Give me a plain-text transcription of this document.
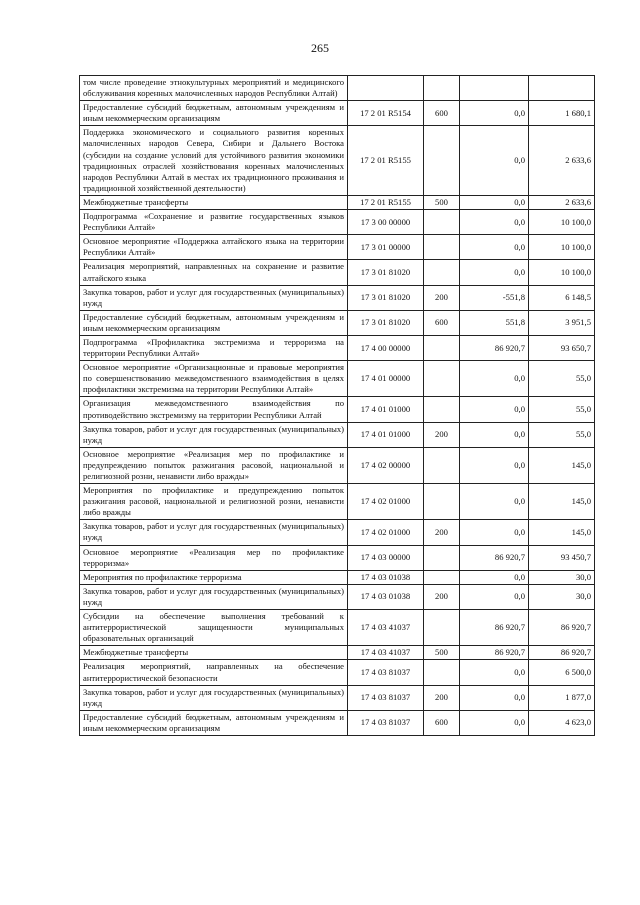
265
том числе проведение этнокультурных мероприятий и медицинского обслуживания коренных малочисленных народов Республики Алтай)				
Предоставление субсидий бюджетным, автономным учреждениям и иным некоммерческим организациям	17 2 01 R5154	600	0,0	1 680,1
Поддержка экономического и социального развития коренных малочисленных народов Севера, Сибири и Дальнего Востока (субсидии на создание условий для устойчивого развития экономики традиционных отраслей хозяйствования коренных малочисленных народов Республики Алтай в местах их традиционного проживания и традиционной хозяйственной деятельности)	17 2 01 R5155		0,0	2 633,6
Межбюджетные трансферты	17 2 01 R5155	500	0,0	2 633,6
Подпрограмма «Сохранение и развитие государственных языков Республики Алтай»	17 3 00 00000		0,0	10 100,0
Основное мероприятие «Поддержка алтайского языка на территории Республики Алтай»	17 3 01 00000		0,0	10 100,0
Реализация мероприятий, направленных на сохранение и развитие алтайского языка	17 3 01 81020		0,0	10 100,0
Закупка товаров, работ и услуг для государственных (муниципальных) нужд	17 3 01 81020	200	-551,8	6 148,5
Предоставление субсидий бюджетным, автономным учреждениям и иным некоммерческим организациям	17 3 01 81020	600	551,8	3 951,5
Подпрограмма «Профилактика экстремизма и терроризма на территории Республики Алтай»	17 4 00 00000		86 920,7	93 650,7
Основное мероприятие «Организационные и правовые мероприятия по совершенствованию межведомственного взаимодействия в целях профилактики экстремизма на территории Республики Алтай»	17 4 01 00000		0,0	55,0
Организация межведомственного взаимодействия по противодействию экстремизму на территории Республики Алтай	17 4 01 01000		0,0	55,0
Закупка товаров, работ и услуг для государственных (муниципальных) нужд	17 4 01 01000	200	0,0	55,0
Основное мероприятие «Реализация мер по профилактике и предупреждению попыток разжигания расовой, национальной и религиозной розни, ненависти либо вражды»	17 4 02 00000		0,0	145,0
Мероприятия по профилактике и предупреждению попыток разжигания расовой, национальной и религиозной розни, ненависти либо вражды	17 4 02 01000		0,0	145,0
Закупка товаров, работ и услуг для государственных (муниципальных) нужд	17 4 02 01000	200	0,0	145,0
Основное мероприятие «Реализация мер по профилактике терроризма»	17 4 03 00000		86 920,7	93 450,7
Мероприятия по профилактике терроризма	17 4 03 01038		0,0	30,0
Закупка товаров, работ и услуг для государственных (муниципальных) нужд	17 4 03 01038	200	0,0	30,0
Субсидии на обеспечение выполнения требований к антитеррористической защищенности муниципальных образовательных организаций	17 4 03 41037		86 920,7	86 920,7
Межбюджетные трансферты	17 4 03 41037	500	86 920,7	86 920,7
Реализация мероприятий, направленных на обеспечение антитеррористической безопасности	17 4 03 81037		0,0	6 500,0
Закупка товаров, работ и услуг для государственных (муниципальных) нужд	17 4 03 81037	200	0,0	1 877,0
Предоставление субсидий бюджетным, автономным учреждениям и иным некоммерческим организациям	17 4 03 81037	600	0,0	4 623,0
